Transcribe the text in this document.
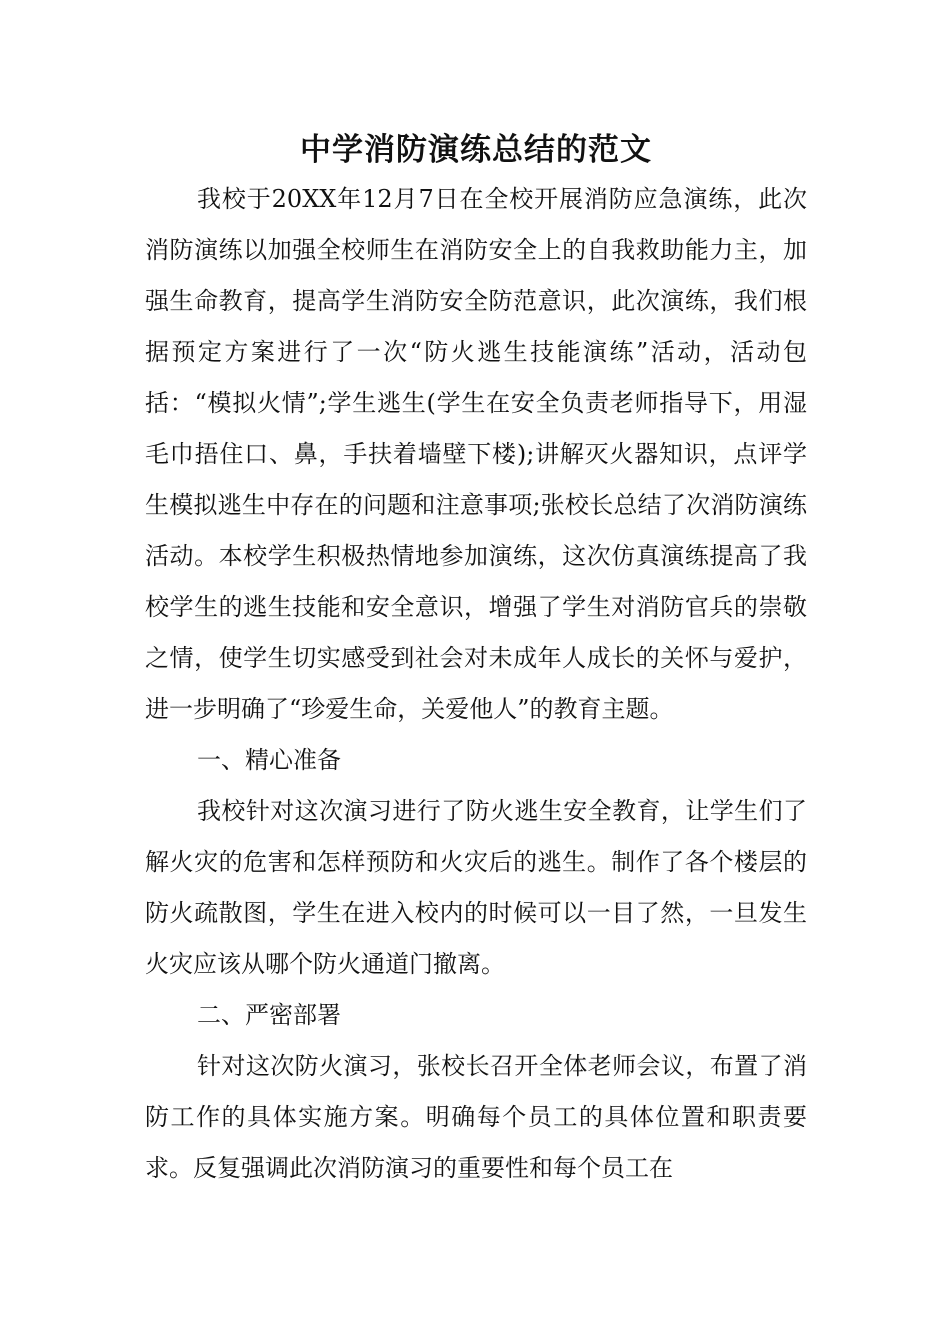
中学消防演练总结的范文

我校于20XX年12月7日在全校开展消防应急演练，此次消防演练以加强全校师生在消防安全上的自我救助能力主，加强生命教育，提高学生消防安全防范意识，此次演练，我们根据预定方案进行了一次“防火逃生技能演练”活动，活动包括：“模拟火情”;学生逃生(学生在安全负责老师指导下，用湿毛巾捂住口、鼻，手扶着墙壁下楼);讲解灭火器知识，点评学生模拟逃生中存在的问题和注意事项;张校长总结了次消防演练活动。本校学生积极热情地参加演练，这次仿真演练提高了我校学生的逃生技能和安全意识，增强了学生对消防官兵的崇敬之情，使学生切实感受到社会对未成年人成长的关怀与爱护，进一步明确了“珍爱生命，关爱他人”的教育主题。

一、精心准备

我校针对这次演习进行了防火逃生安全教育，让学生们了解火灾的危害和怎样预防和火灾后的逃生。制作了各个楼层的防火疏散图，学生在进入校内的时候可以一目了然，一旦发生火灾应该从哪个防火通道门撤离。

二、严密部署

针对这次防火演习，张校长召开全体老师会议，布置了消防工作的具体实施方案。明确每个员工的具体位置和职责要求。反复强调此次消防演习的重要性和每个员工在
